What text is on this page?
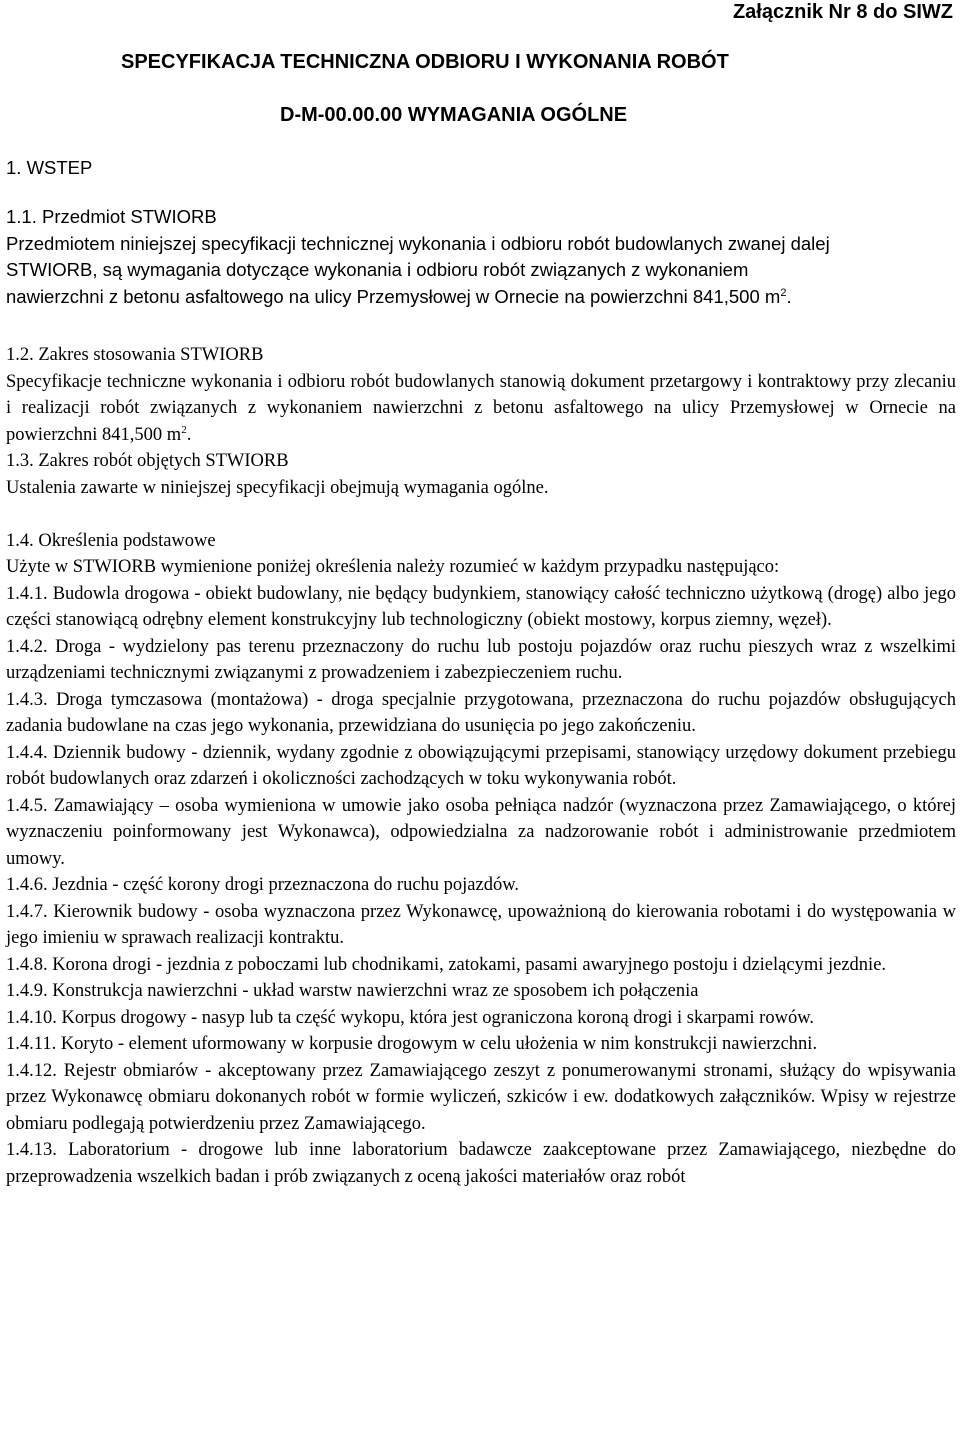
Załącznik Nr 8 do SIWZ
SPECYFIKACJA TECHNICZNA ODBIORU I WYKONANIA ROBÓT
D-M-00.00.00 WYMAGANIA OGÓLNE
1. WSTEP
1.1. Przedmiot STWIORB
Przedmiotem niniejszej specyfikacji technicznej wykonania i odbioru robót budowlanych zwanej dalej
STWIORB, są wymagania dotyczące wykonania i odbioru robót związanych z wykonaniem
nawierzchni z betonu asfaltowego na ulicy Przemysłowej w Ornecie na powierzchni 841,500 $m^2$.
1.2. Zakres stosowania STWIORB
Specyfikacje techniczne wykonania i odbioru robót budowlanych stanowią dokument przetargowy i kontraktowy przy zlecaniu i realizacji robót związanych z wykonaniem nawierzchni z betonu asfaltowego na ulicy Przemysłowej w Ornecie na powierzchni 841,500 $m^2$.
1.3. Zakres robót objętych STWIORB
Ustalenia zawarte w niniejszej specyfikacji obejmują wymagania ogólne.
1.4. Określenia podstawowe
Użyte w STWIORB wymienione poniżej określenia należy rozumieć w każdym przypadku następująco:
1.4.1. Budowla drogowa - obiekt budowlany, nie będący budynkiem, stanowiący całość techniczno użytkową (drogę) albo jego części stanowiącą odrębny element konstrukcyjny lub technologiczny (obiekt mostowy, korpus ziemny, węzeł).
1.4.2. Droga - wydzielony pas terenu przeznaczony do ruchu lub postoju pojazdów oraz ruchu pieszych wraz z wszelkimi urządzeniami technicznymi związanymi z prowadzeniem i zabezpieczeniem ruchu.
1.4.3. Droga tymczasowa (montażowa) - droga specjalnie przygotowana, przeznaczona do ruchu pojazdów obsługujących zadania budowlane na czas jego wykonania, przewidziana do usunięcia po jego zakończeniu.
1.4.4. Dziennik budowy - dziennik, wydany zgodnie z obowiązującymi przepisami, stanowiący urzędowy dokument przebiegu robót budowlanych oraz zdarzeń i okoliczności zachodzących w toku wykonywania robót.
1.4.5. Zamawiający – osoba wymieniona w umowie jako osoba pełniąca nadzór (wyznaczona przez Zamawiającego, o której wyznaczeniu poinformowany jest Wykonawca), odpowiedzialna za nadzorowanie robót i administrowanie przedmiotem umowy.
1.4.6. Jezdnia - część korony drogi przeznaczona do ruchu pojazdów.
1.4.7. Kierownik budowy - osoba wyznaczona przez Wykonawcę, upoważnioną do kierowania robotami i do występowania w jego imieniu w sprawach realizacji kontraktu.
1.4.8. Korona drogi - jezdnia z poboczami lub chodnikami, zatokami, pasami awaryjnego postoju i dzielącymi jezdnie.
1.4.9. Konstrukcja nawierzchni - układ warstw nawierzchni wraz ze sposobem ich połączenia
1.4.10. Korpus drogowy - nasyp lub ta część wykopu, która jest ograniczona koroną drogi i skarpami rowów.
1.4.11. Koryto - element uformowany w korpusie drogowym w celu ułożenia w nim konstrukcji nawierzchni.
1.4.12. Rejestr obmiarów - akceptowany przez Zamawiającego zeszyt z ponumerowanymi stronami, służący do wpisywania przez Wykonawcę obmiaru dokonanych robót w formie wyliczeń, szkiców i ew. dodatkowych załączników. Wpisy w rejestrze obmiaru podlegają potwierdzeniu przez Zamawiającego.
1.4.13. Laboratorium - drogowe lub inne laboratorium badawcze zaakceptowane przez Zamawiającego, niezbędne do przeprowadzenia wszelkich badan i prób związanych z oceną jakości materiałów oraz robót
